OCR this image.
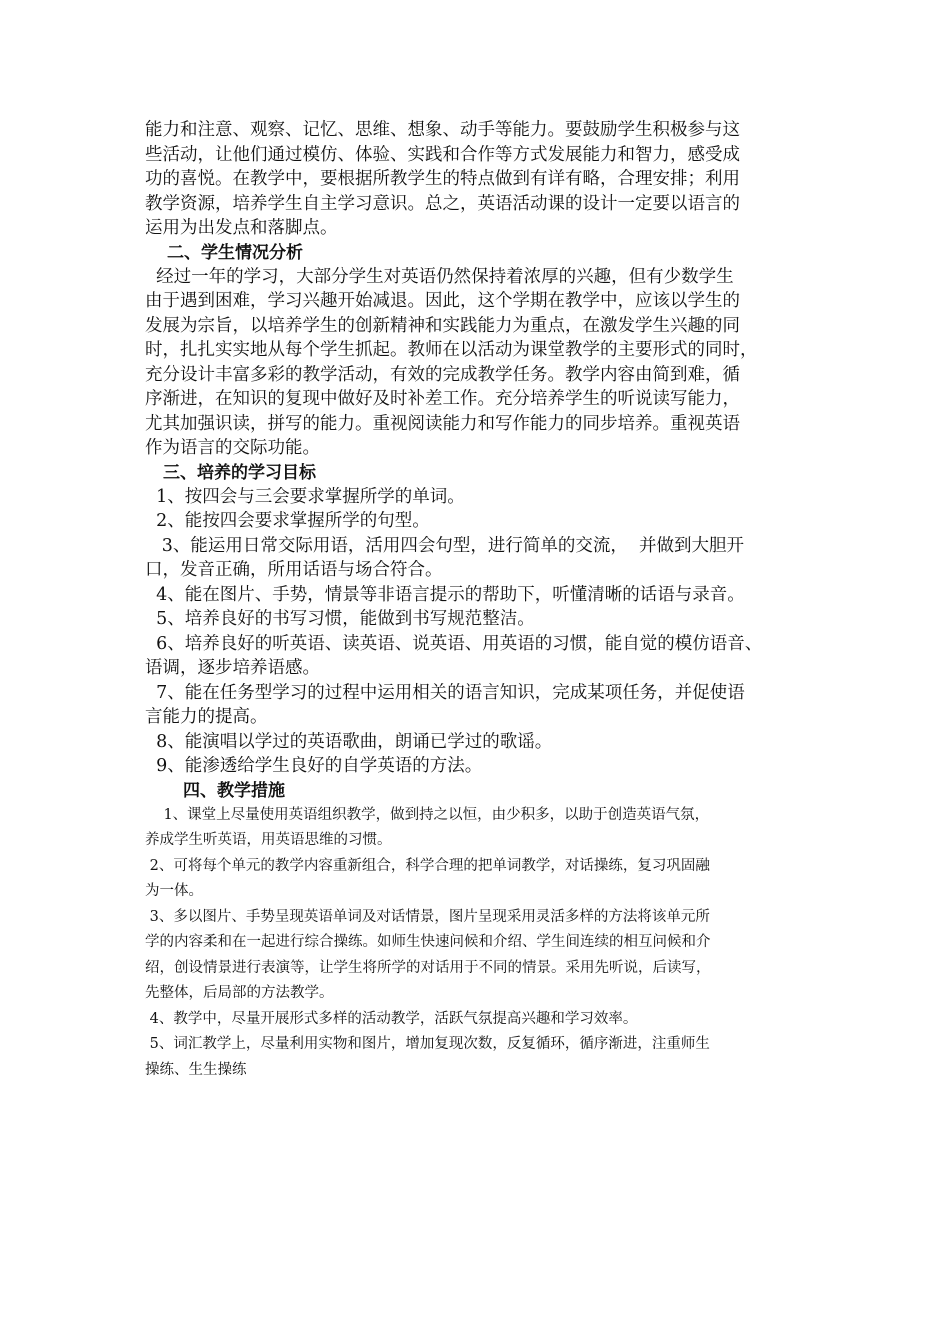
能力和注意、观察、记忆、思维、想象、动手等能力。要鼓励学生积极参与这

些活动，让他们通过模仿、体验、实践和合作等方式发展能力和智力，感受成

功的喜悦。在教学中，要根据所教学生的特点做到有详有略，合理安排；利用

教学资源，培养学生自主学习意识。总之，英语活动课的设计一定要以语言的

运用为出发点和落脚点。

二、学生情况分析

经过一年的学习，大部分学生对英语仍然保持着浓厚的兴趣，但有少数学生

由于遇到困难，学习兴趣开始减退。因此，这个学期在教学中，应该以学生的

发展为宗旨，以培养学生的创新精神和实践能力为重点，在激发学生兴趣的同

时，扎扎实实地从每个学生抓起。教师在以活动为课堂教学的主要形式的同时，

充分设计丰富多彩的教学活动，有效的完成教学任务。教学内容由简到难，循

序渐进，在知识的复现中做好及时补差工作。充分培养学生的听说读写能力，

尤其加强识读，拼写的能力。重视阅读能力和写作能力的同步培养。重视英语

作为语言的交际功能。

三、培养的学习目标

1、按四会与三会要求掌握所学的单词。

2、能按四会要求掌握所学的句型。

3、能运用日常交际用语，活用四会句型，进行简单的交流，  并做到大胆开

口，发音正确，所用话语与场合符合。

4、能在图片、手势，情景等非语言提示的帮助下，听懂清晰的话语与录音。

5、培养良好的书写习惯，能做到书写规范整洁。

6、培养良好的听英语、读英语、说英语、用英语的习惯，能自觉的模仿语音、

语调，逐步培养语感。

7、能在任务型学习的过程中运用相关的语言知识，完成某项任务，并促使语

言能力的提高。

8、能演唱以学过的英语歌曲，朗诵已学过的歌谣。

9、能渗透给学生良好的自学英语的方法。

四、教学措施

1、课堂上尽量使用英语组织教学，做到持之以恒，由少积多，以助于创造英语气氛，

养成学生听英语，用英语思维的习惯。

2、可将每个单元的教学内容重新组合，科学合理的把单词教学，对话操练，复习巩固融

为一体。

3、多以图片、手势呈现英语单词及对话情景，图片呈现采用灵活多样的方法将该单元所

学的内容柔和在一起进行综合操练。如师生快速问候和介绍、学生间连续的相互问候和介

绍，创设情景进行表演等，让学生将所学的对话用于不同的情景。采用先听说，后读写，

先整体，后局部的方法教学。

4、教学中，尽量开展形式多样的活动教学，活跃气氛提高兴趣和学习效率。

5、词汇教学上，尽量利用实物和图片，增加复现次数，反复循环，循序渐进，注重师生

操练、生生操练
